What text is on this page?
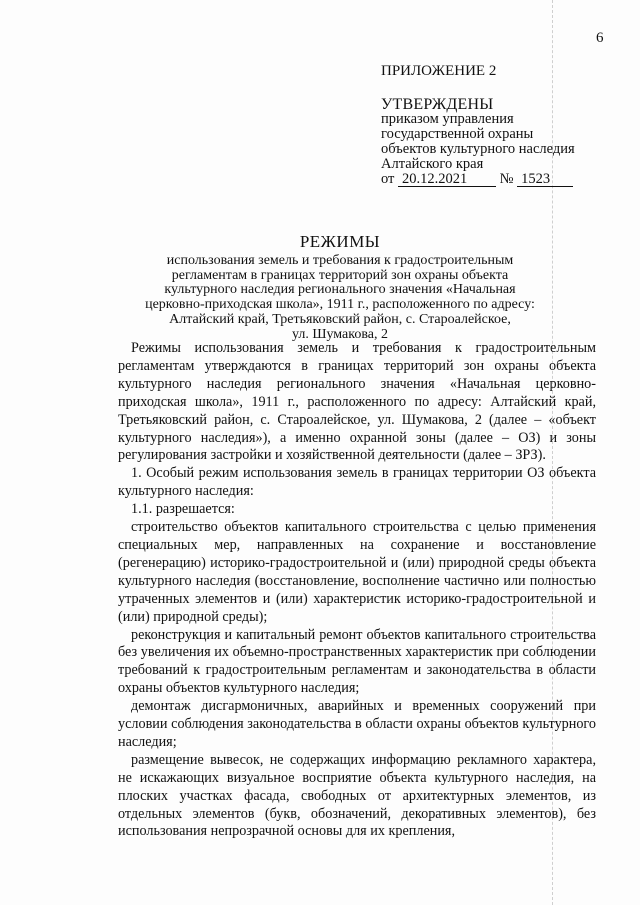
6
ПРИЛОЖЕНИЕ 2
УТВЕРЖДЕНЫ
приказом управления
государственной охраны
объектов культурного наследия
Алтайского края
от
20.12.2021
	№
1523
РЕЖИМЫ
использования земель и требования к градостроительным
регламентам в границах территорий зон охраны объекта
культурного наследия регионального значения «Начальная
церковно-приходская школа», 1911 г., расположенного по адресу:
Алтайский край, Третьяковский район, с. Староалейское,
ул. Шумакова, 2

Режимы использования земель и требования к градостроительным регламентам утверждаются в границах территорий зон охраны объекта культурного наследия регионального значения «Начальная церковно-приходская школа», 1911 г., расположенного по адресу: Алтайский край, Третьяковский район, с. Староалейское, ул. Шумакова, 2 (далее – «объект культурного наследия»), а именно охранной зоны (далее – ОЗ) и зоны регулирования застройки и хозяйственной деятельности (далее – ЗРЗ).

1. Особый режим использования земель в границах территории ОЗ объекта культурного наследия:

1.1. разрешается:

строительство объектов капитального строительства с целью применения специальных мер, направленных на сохранение и восстановление (регенерацию) историко-градостроительной и (или) природной среды объекта культурного наследия (восстановление, восполнение частично или полностью утраченных элементов и (или) характеристик историко-градостроительной и (или) природной среды);

реконструкция и капитальный ремонт объектов капитального строительства без увеличения их объемно-пространственных характеристик при соблюдении требований к градостроительным регламентам и законодательства в области охраны объектов культурного наследия;

демонтаж дисгармоничных, аварийных и временных сооружений при условии соблюдения законодательства в области охраны объектов культурного наследия;

размещение вывесок, не содержащих информацию рекламного характера, не искажающих визуальное восприятие объекта культурного наследия, на плоских участках фасада, свободных от архитектурных элементов, из отдельных элементов (букв, обозначений, декоративных элементов), без использования непрозрачной основы для их крепления,
